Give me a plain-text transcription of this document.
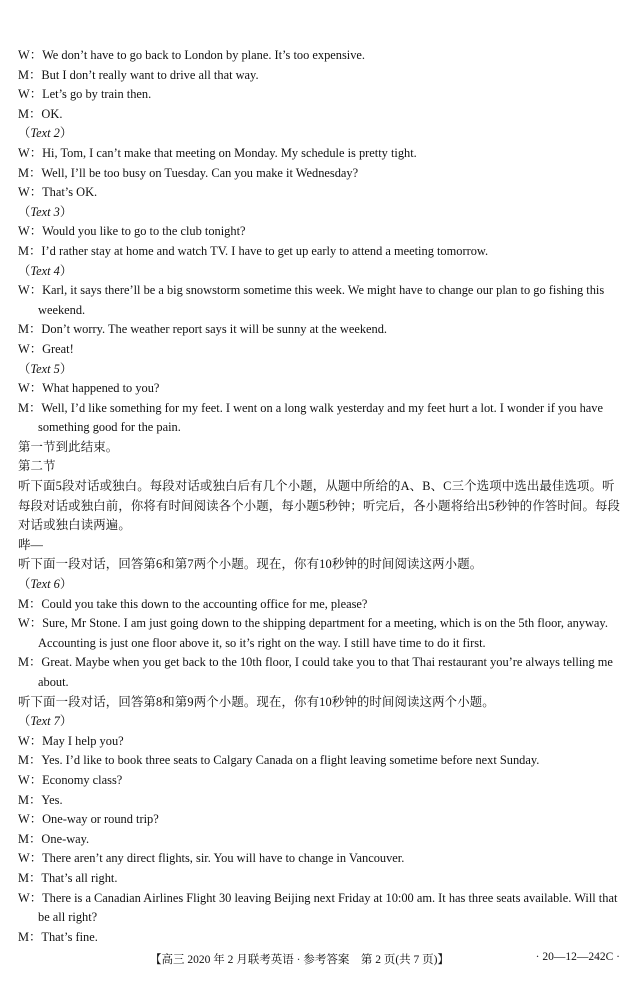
W：We don’t have to go back to London by plane. It’s too expensive.
M：But I don’t really want to drive all that way.
W：Let’s go by train then.
M：OK.
（Text 2）
W：Hi, Tom, I can’t make that meeting on Monday. My schedule is pretty tight.
M：Well, I’ll be too busy on Tuesday. Can you make it Wednesday?
W：That’s OK.
（Text 3）
W：Would you like to go to the club tonight?
M：I’d rather stay at home and watch TV. I have to get up early to attend a meeting tomorrow.
（Text 4）
W：Karl, it says there’ll be a big snowstorm sometime this week. We might have to change our plan to go fishing this weekend.
M：Don’t worry. The weather report says it will be sunny at the weekend.
W：Great!
（Text 5）
W：What happened to you?
M：Well, I’d like something for my feet. I went on a long walk yesterday and my feet hurt a lot. I wonder if you have something good for the pain.
第一节到此结束。
第二节
听下面5段对话或独白。每段对话或独白后有几个小题，从题中所给的A、B、C三个选项中选出最佳选项。听每段对话或独白前，你将有时间阅读各个小题，每小题5秒钟；听完后，各小题将给出5秒钟的作答时间。每段对话或独白读两遍。
哔—
听下面一段对话，回答第6和第7两个小题。现在，你有10秒钟的时间阅读这两小题。
（Text 6）
M：Could you take this down to the accounting office for me, please?
W：Sure, Mr Stone. I am just going down to the shipping department for a meeting, which is on the 5th floor, anyway. Accounting is just one floor above it, so it’s right on the way. I still have time to do it first.
M：Great. Maybe when you get back to the 10th floor, I could take you to that Thai restaurant you’re always telling me about.
听下面一段对话，回答第8和第9两个小题。现在，你有10秒钟的时间阅读这两个小题。
（Text 7）
W：May I help you?
M：Yes. I’d like to book three seats to Calgary Canada on a flight leaving sometime before next Sunday.
W：Economy class?
M：Yes.
W：One-way or round trip?
M：One-way.
W：There aren’t any direct flights, sir. You will have to change in Vancouver.
M：That’s all right.
W：There is a Canadian Airlines Flight 30 leaving Beijing next Friday at 10:00 am. It has three seats available. Will that be all right?
M：That’s fine.
【高三 2020 年 2 月联考英语 · 参考答案　第 2 页(共 7 页)】	· 20—12—242C ·
